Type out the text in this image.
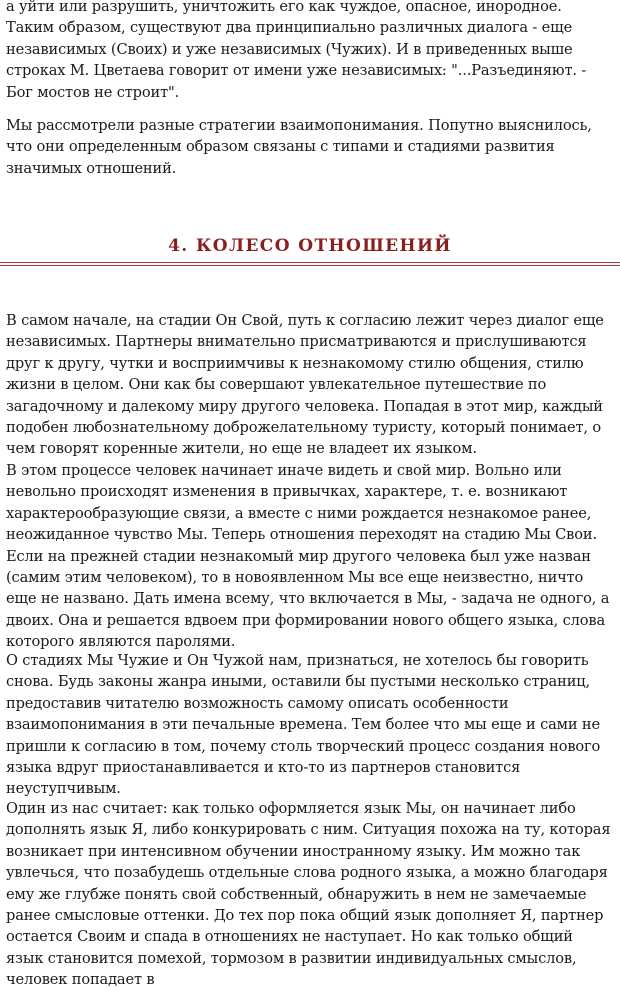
а уйти или разрушить, уничтожить его как чуждое, опасное, инородное. Таким образом, существуют два принципиально различных диалога - еще независимых (Своих) и уже независимых (Чужих). И в приведенных выше строках М. Цветаева говорит от имени уже независимых: "...Разъединяют. - Бог мостов не строит".

Мы рассмотрели разные стратегии взаимопонимания. Попутно выяснилось, что они определенным образом связаны с типами и стадиями развития значимых отношений.

4. КОЛЕСО ОТНОШЕНИЙ

В самом начале, на стадии Он Свой, путь к согласию лежит через диалог еще независимых. Партнеры внимательно присматриваются и прислушиваются друг к другу, чутки и восприимчивы к незнакомому стилю общения, стилю жизни в целом. Они как бы совершают увлекательное путешествие по загадочному и далекому миру другого человека. Попадая в этот мир, каждый подобен любознательному доброжелательному туристу, который понимает, о чем говорят коренные жители, но еще не владеет их языком.

В этом процессе человек начинает иначе видеть и свой мир. Вольно или невольно происходят изменения в привычках, характере, т. е. возникают характерообразующие связи, а вместе с ними рождается незнакомое ранее, неожиданное чувство Мы. Теперь отношения переходят на стадию Мы Свои. Если на прежней стадии незнакомый мир другого человека был уже назван (самим этим человеком), то в новоявленном Мы все еще неизвестно, ничто еще не названо. Дать имена всему, что включается в Мы, - задача не одного, а двоих. Она и решается вдвоем при формировании нового общего языка, слова которого являются паролями.

О стадиях Мы Чужие и Он Чужой нам, признаться, не хотелось бы говорить снова. Будь законы жанра иными, оставили бы пустыми несколько страниц, предоставив читателю возможность самому описать особенности взаимопонимания в эти печальные времена. Тем более что мы еще и сами не пришли к согласию в том, почему столь творческий процесс создания нового языка вдруг приостанавливается и кто-то из партнеров становится неуступчивым.

Один из нас считает: как только оформляется язык Мы, он начинает либо дополнять язык Я, либо конкурировать с ним. Ситуация похожа на ту, которая возникает при интенсивном обучении иностранному языку. Им можно так увлечься, что позабудешь отдельные слова родного языка, а можно благодаря ему же глубже понять свой собственный, обнаружить в нем не замечаемые ранее смысловые оттенки. До тех пор пока общий язык дополняет Я, партнер остается Своим и спада в отношениях не наступает. Но как только общий язык становится помехой, тормозом в развитии индивидуальных смыслов, человек попадает в
